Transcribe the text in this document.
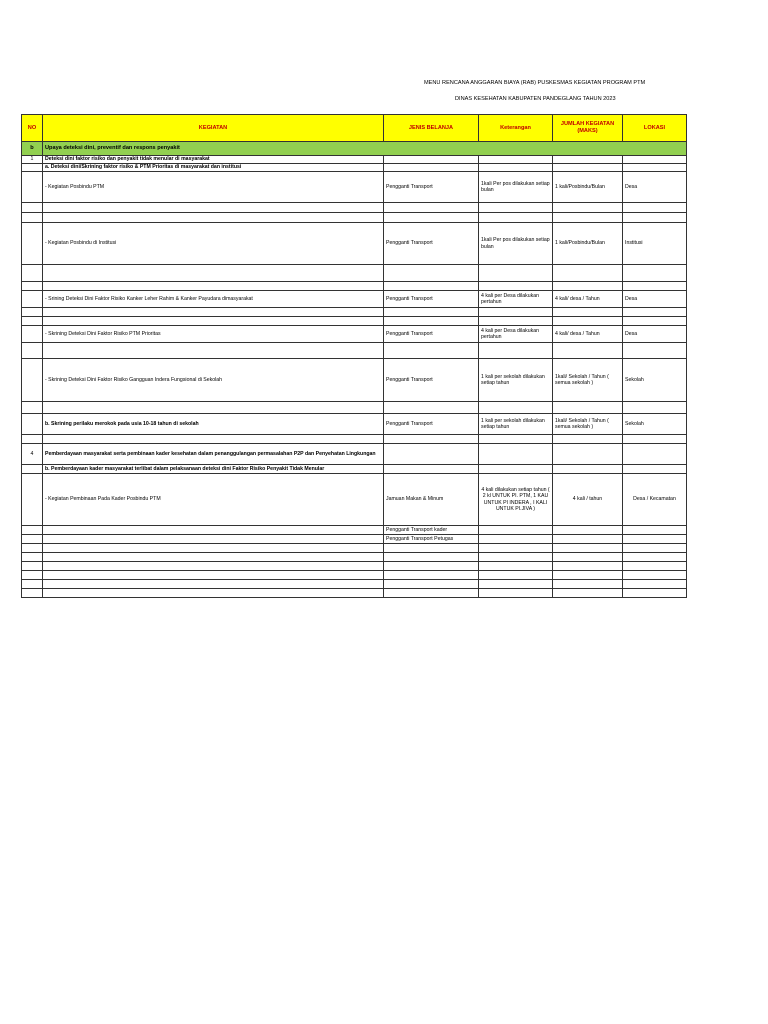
MENU RENCANA ANGGARAN BIAYA (RAB) PUSKESMAS KEGIATAN PROGRAM PTM
DINAS KESEHATAN KABUPATEN PANDEGLANG TAHUN 2023
NO	KEGIATAN	JENIS BELANJA	Keterangan	JUMLAH KEGIATAN (MAKS)	LOKASI
b	Upaya deteksi dini, preventif dan respons penyakit				
1	Deteksi dini faktor risiko dan penyakit tidak menular di masyarakat				
	a. Deteksi dini/Skrining faktor risiko & PTM Prioritas di masyarakat dan institusi				
	- Kegiatan Posbindu PTM	Pengganti Transport	1kali Per pos dilakukan setiap bulan	1 kali/Posbindu/Bulan	Desa

	- Kegiatan Posbindu di Institusi	Pengganti Transport	1kali Per pos dilakukan setiap bulan	1 kali/Posbindu/Bulan	Institusi

	- Srining Deteksi Dini Faktor Risiko Kanker Leher Rahim & Kanker Payudara dimasyarakat	Pengganti Transport	4 kali per Desa dilakukan pertahun	4 kali/ desa / Tahun	Desa

	- Skrining Deteksi Dini Faktor Risiko PTM Prioritas	Pengganti Transport	4 kali per Desa dilakukan pertahun	4 kali/ desa / Tahun	Desa

	- Skrining Deteksi Dini Faktor Risiko Gangguan Indera Fungsional di Sekolah	Pengganti Transport	1 kali per sekolah dilakukan setiap tahun	1kali/ Sekolah / Tahun ( semua sekolah )	Sekolah

	b. Skrining perilaku merokok pada usia 10-18 tahun di sekolah	Pengganti Transport	1 kali per sekolah dilakukan setiap tahun	1kali/ Sekolah / Tahun ( semua sekolah )	Sekolah

4	Pemberdayaan masyarakat serta pembinaan kader kesehatan dalam penanggulangan permasalahan P2P dan Penyehatan Lingkungan				
	b. Pemberdayaan kader masyarakat terlibat dalam pelaksanaan deteksi dini Faktor Risiko Penyakit Tidak Menular				
	- Kegiatan Pembinaan Pada Kader Posbindu PTM	Jamuan Makan & Minum	4 kali dilakukan setiap tahun ( 2 kl UNTUK PI. PTM, 1 KAU UNTUK PI INDERA , I KALI UNTUK PI.JIVA )	4 kali / tahun	Desa / Kecamatan
		Pengganti Transport kader			
		Pengganti Transport Petugas			
